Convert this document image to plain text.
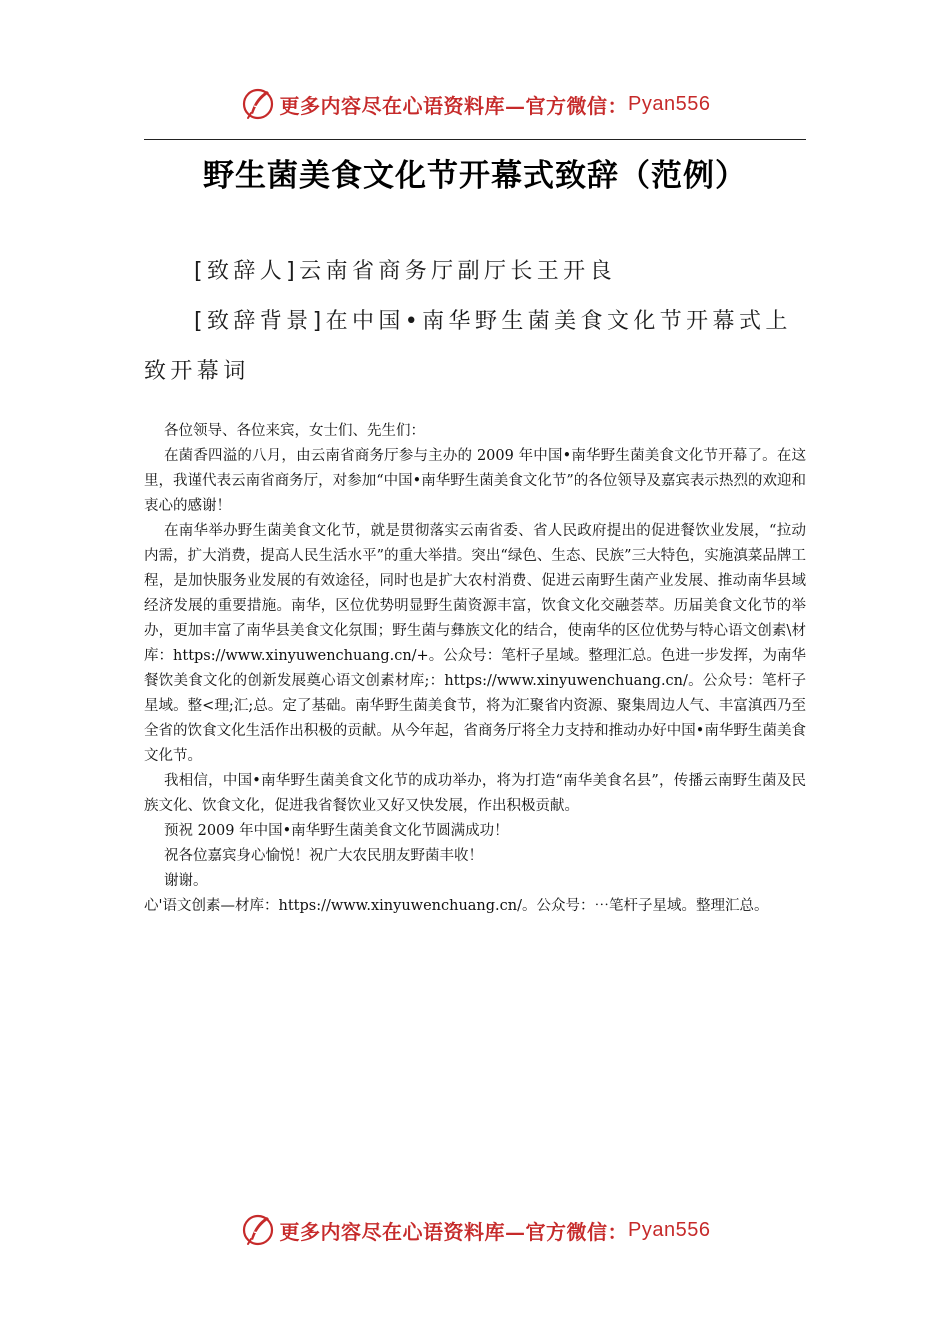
更多内容尽在心语资料库—官方微信： Pyan556
野生菌美食文化节开幕式致辞（范例）
[致辞人]云南省商务厅副厅长王开良
[致辞背景]在中国•南华野生菌美食文化节开幕式上致开幕词

各位领导、各位来宾，女士们、先生们：

在菌香四溢的八月，由云南省商务厅参与主办的 2009 年中国•南华野生菌美食文化节开幕了。在这里，我谨代表云南省商务厅，对参加“中国•南华野生菌美食文化节”的各位领导及嘉宾表示热烈的欢迎和衷心的感谢！

在南华举办野生菌美食文化节，就是贯彻落实云南省委、省人民政府提出的促进餐饮业发展，“拉动内需，扩大消费，提高人民生活水平”的重大举措。突出“绿色、生态、民族”三大特色，实施滇菜品牌工程，是加快服务业发展的有效途径，同时也是扩大农村消费、促进云南野生菌产业发展、推动南华县域经济发展的重要措施。南华，区位优势明显野生菌资源丰富，饮食文化交融荟萃。历届美食文化节的举办，更加丰富了南华县美食文化氛围；野生菌与彝族文化的结合，使南华的区位优势与特心语文创素\材库：https://www.xinyuwenchuang.cn/+。公众号：笔杆子星域。整理汇总。色进一步发挥，为南华餐饮美食文化的创新发展奠心语文创素材库;：https://www.xinyuwenchuang.cn/。公众号：笔杆子星域。整<理;汇;总。定了基础。南华野生菌美食节，将为汇聚省内资源、聚集周边人气、丰富滇西乃至全省的饮食文化生活作出积极的贡献。从今年起，省商务厅将全力支持和推动办好中国•南华野生菌美食文化节。

我相信，中国•南华野生菌美食文化节的成功举办，将为打造“南华美食名县”，传播云南野生菌及民族文化、饮食文化，促进我省餐饮业又好又快发展，作出积极贡献。

预祝 2009 年中国•南华野生菌美食文化节圆满成功！

祝各位嘉宾身心愉悦！祝广大农民朋友野菌丰收！

谢谢。

心'语文创素—材库：https://www.xinyuwenchuang.cn/。公众号：⋯笔杆子星域。整理汇总。

更多内容尽在心语资料库—官方微信： Pyan556
